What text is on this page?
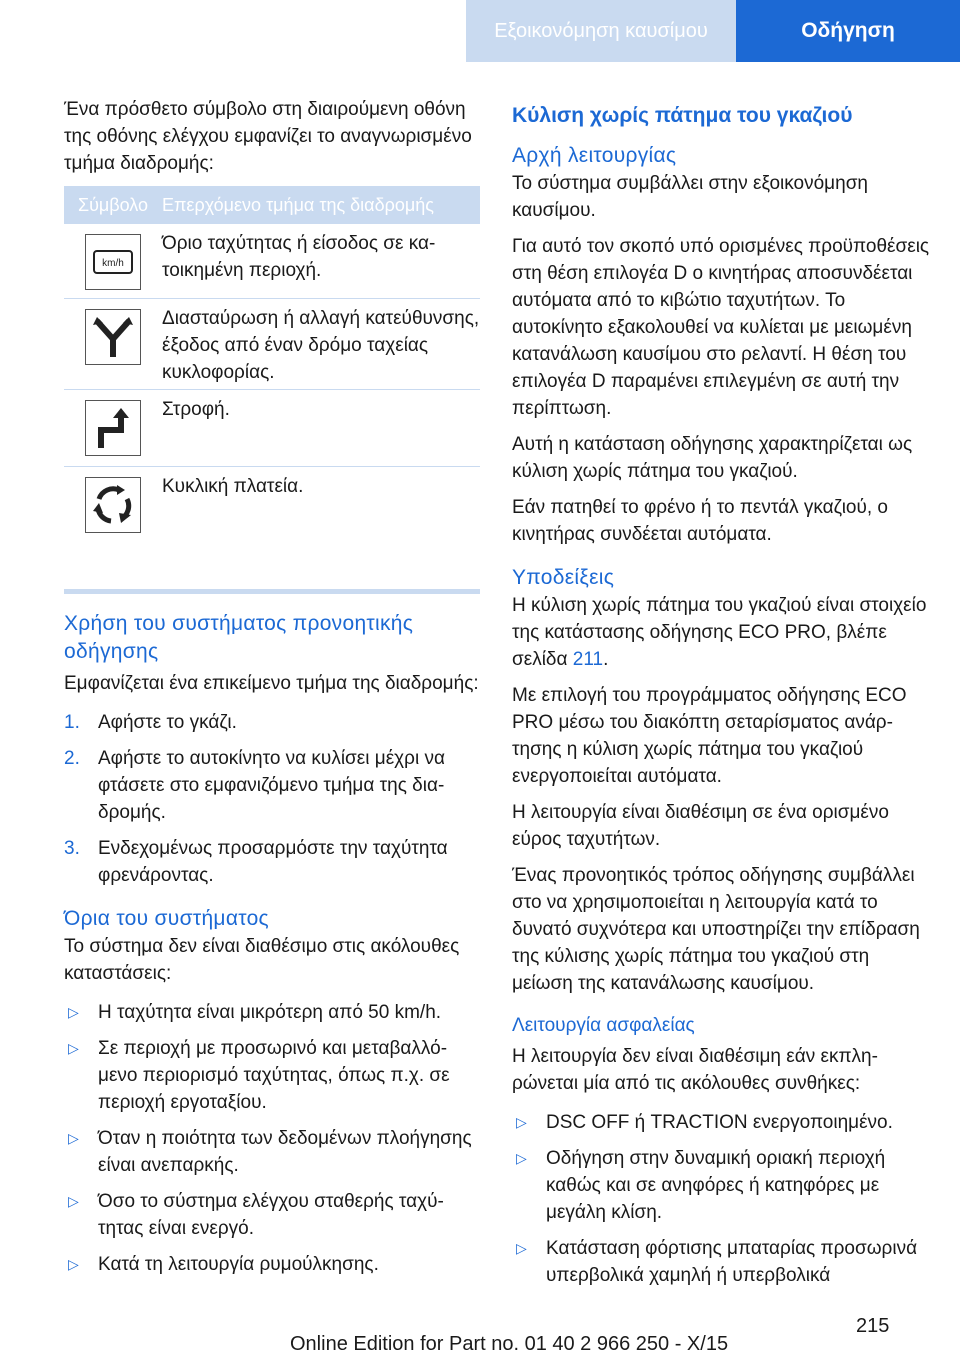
Εξοικονόμηση καυσίμου	Οδήγηση

Ένα πρόσθετο σύμβολο στη διαιρούμενη οθόνη της οθόνης ελέγχου εμφανίζει το αναγνωρισμένο τμήμα διαδρομής:

Σύμβολο Επερχόμενο τμήμα της διαδρομής
km/h
Όριο ταχύτητας ή είσοδος σε κατοικημένη περιοχή.
Διασταύρωση ή αλλαγή κατεύθυνσης, έξοδος από έναν δρόμο ταχείας κυκλοφορίας.
Στροφή.
Κυκλική πλατεία.
Χρήση του συστήματος προνοητικής οδήγησης

Εμφανίζεται ένα επικείμενο τμήμα της διαδρομής:

1. Αφήστε το γκάζι.
2. Αφήστε το αυτοκίνητο να κυλίσει μέχρι να φτάσετε στο εμφανιζόμενο τμήμα της διαδρομής.
3. Ενδεχομένως προσαρμόστε την ταχύτητα φρενάροντας.
Όρια του συστήματος

Το σύστημα δεν είναι διαθέσιμο στις ακόλουθες καταστάσεις:

▷ Η ταχύτητα είναι μικρότερη από 50 km/h.
▷ Σε περιοχή με προσωρινό και μεταβαλλόμενο περιορισμό ταχύτητας, όπως π.χ. σε περιοχή εργοταξίου.
▷ Όταν η ποιότητα των δεδομένων πλοήγησης είναι ανεπαρκής.
▷ Όσο το σύστημα ελέγχου σταθερής ταχύτητας είναι ενεργό.
▷ Κατά τη λειτουργία ρυμούλκησης.
Κύλιση χωρίς πάτημα του γκαζιού
Αρχή λειτουργίας

Το σύστημα συμβάλλει στην εξοικονόμηση καυσίμου.

Για αυτό τον σκοπό υπό ορισμένες προϋποθέσεις στη θέση επιλογέα D ο κινητήρας αποσυνδέεται αυτόματα από το κιβώτιο ταχυτήτων. Το αυτοκίνητο εξακολουθεί να κυλίεται με μειωμένη κατανάλωση καυσίμου στο ρελαντί. Η θέση του επιλογέα D παραμένει επιλεγμένη σε αυτή την περίπτωση.

Αυτή η κατάσταση οδήγησης χαρακτηρίζεται ως κύλιση χωρίς πάτημα του γκαζιού.

Εάν πατηθεί το φρένο ή το πεντάλ γκαζιού, ο κινητήρας συνδέεται αυτόματα.

Υποδείξεις

Η κύλιση χωρίς πάτημα του γκαζιού είναι στοιχείο της κατάστασης οδήγησης ECO PRO, βλέπε σελίδα 211.

Με επιλογή του προγράμματος οδήγησης ECO PRO μέσω του διακόπτη σεταρίσματος ανάρτησης η κύλιση χωρίς πάτημα του γκαζιού ενεργοποιείται αυτόματα.

Η λειτουργία είναι διαθέσιμη σε ένα ορισμένο εύρος ταχυτήτων.

Ένας προνοητικός τρόπος οδήγησης συμβάλλει στο να χρησιμοποιείται η λειτουργία κατά το δυνατό συχνότερα και υποστηρίζει την επίδραση της κύλισης χωρίς πάτημα του γκαζιού στη μείωση της κατανάλωσης καυσίμου.

Λειτουργία ασφαλείας

Η λειτουργία δεν είναι διαθέσιμη εάν εκπληρώνεται μία από τις ακόλουθες συνθήκες:

▷ DSC OFF ή TRACTION ενεργοποιημένο.
▷ Οδήγηση στην δυναμική οριακή περιοχή καθώς και σε ανηφόρες ή κατηφόρες με μεγάλη κλίση.
▷ Κατάσταση φόρτισης μπαταρίας προσωρινά υπερβολικά χαμηλή ή υπερβολικά
215
Online Edition for Part no. 01 40 2 966 250 - X/15
